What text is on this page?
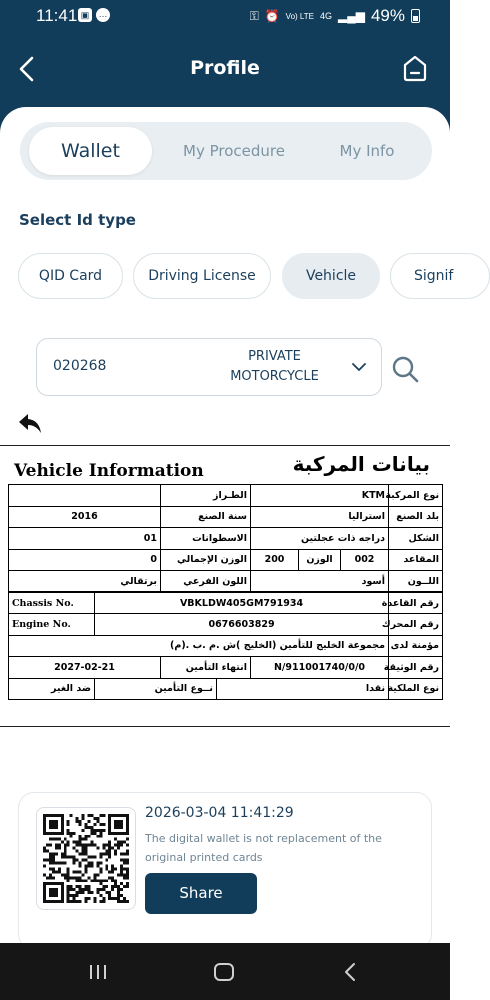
11:41 ▣	…	⚿ ⏰ Vo) LTE 4G ▂▄▆ 49%
Profile
Wallet	My Procedure	My Info
Select Id type
QID Card	Driving License	Vehicle	Signif
020268
PRIVATE
MOTORCYCLE
Vehicle Information	بيانات المركبة
		الطـراز		KTM			نوع المركبة
2016		سنة الصنع		استراليا			بلد الصنع
01		الاسطوانات		دراجه ذات عجلتين			الشكل
0		الوزن الإجمالي		200	الوزن	002	المقاعد
برتقالي		اللون الفرعي		أسود			اللــون
Chassis No.	VBKLDW405GM791934						رقم القاعدة
Engine No.	0676603829						رقم المحرك
مجموعة الخليج للتأمين (الخليج )ش .م .ب .(م)							مؤمنة لدى
2027-02-21		انتهاء التأمين		N/911001740/0/0			رقم الوثيقة
ضد الغير	نــوع التأمين		نقدا				نوع الملكية
2026-03-04 11:41:29
The digital wallet is not replacement of the original printed cards
Share
